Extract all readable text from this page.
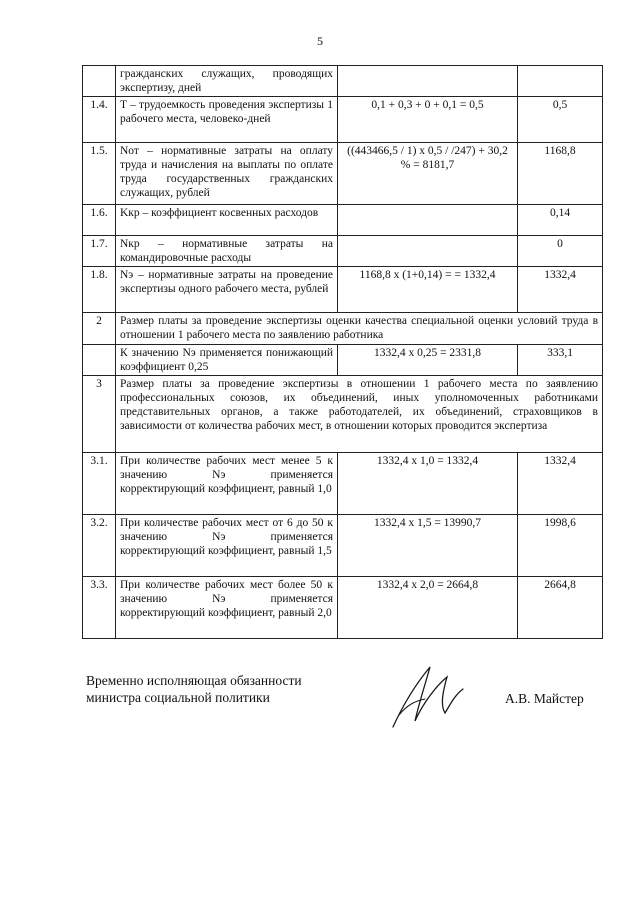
5
	гражданских служащих, проводящих экспертизу, дней		
1.4.	T – трудоемкость проведения экспертизы 1 рабочего места, человеко-дней	0,1 + 0,3 + 0 + 0,1 = 0,5	0,5
1.5.	Nот – нормативные затраты на оплату труда и начисления на выплаты по оплате труда государственных гражданских служащих, рублей	((443466,5 / 1) x 0,5 / /247) + 30,2 % = 8181,7	1168,8
1.6.	Kкр – коэффициент косвенных расходов		0,14
1.7.	Nкр – нормативные затраты на командировочные расходы		0
1.8.	Nэ – нормативные затраты на проведение экспертизы одного рабочего места, рублей	1168,8 x (1+0,14) = = 1332,4	1332,4
2	Размер платы за проведение экспертизы оценки качества специальной оценки условий труда в отношении 1 рабочего места по заявлению работника		
	К значению Nэ применяется понижающий коэффициент 0,25	1332,4 x 0,25 = 2331,8	333,1
3	Размер платы за проведение экспертизы в отношении 1 рабочего места по заявлению профессиональных союзов, их объединений, иных уполномоченных работниками представительных органов, а также работодателей, их объединений, страховщиков в зависимости от количества рабочих мест, в отношении которых проводится экспертиза		
3.1.	При количестве рабочих мест менее 5 к значению Nэ применяется корректирующий коэффициент, равный 1,0	1332,4 x 1,0 = 1332,4	1332,4
3.2.	При количестве рабочих мест от 6 до 50 к значению Nэ применяется корректирующий коэффициент, равный 1,5	1332,4 x 1,5 = 13990,7	1998,6
3.3.	При количестве рабочих мест более 50 к значению Nэ применяется корректирующий коэффициент, равный 2,0	1332,4 x 2,0 = 2664,8	2664,8
Временно исполняющая обязанности
министра социальной политики	А.В. Майстер
